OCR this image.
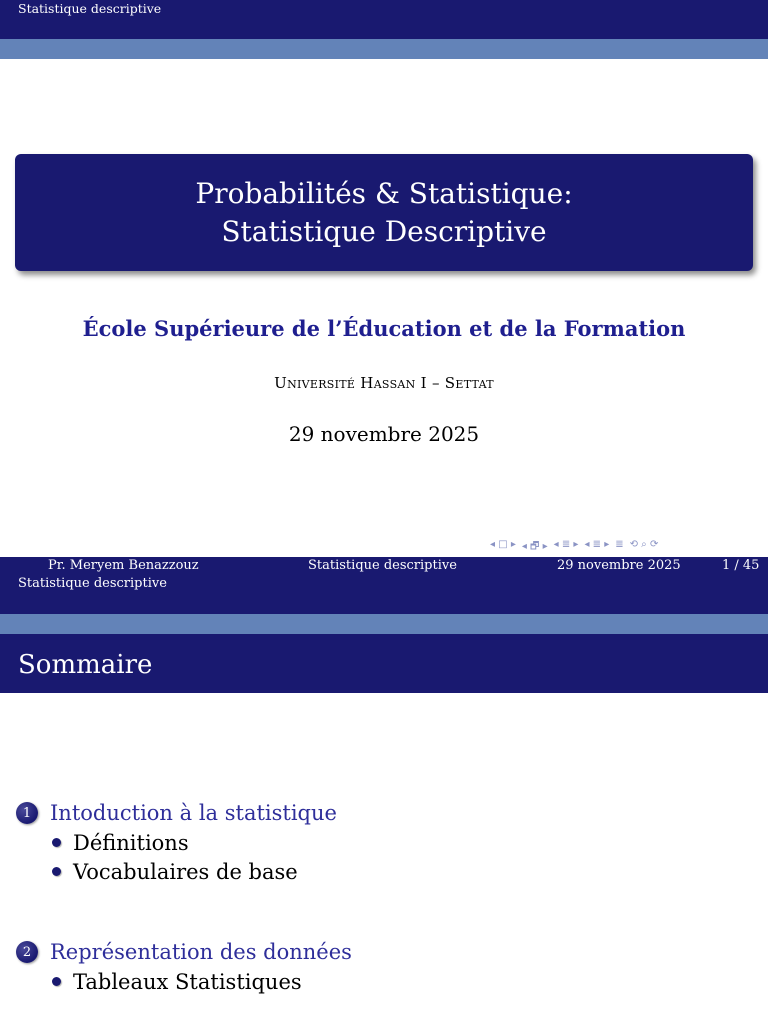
Statistique descriptive
Probabilités & Statistique:
Statistique Descriptive
École Supérieure de l’Éducation et de la Formation
Université Hassan I – Settat
29 novembre 2025
◂ □ ▸ ◂ 🗗 ▸ ◂ ≣ ▸ ◂ ≣ ▸ ≣ ⟲ ⌕ ⟳
Pr. Meryem Benazzouz	Statistique descriptive	29 novembre 2025	1 / 45
Statistique descriptive
Sommaire
1 Intoduction à la statistique
Définitions
Vocabulaires de base
2 Représentation des données
Tableaux Statistiques
